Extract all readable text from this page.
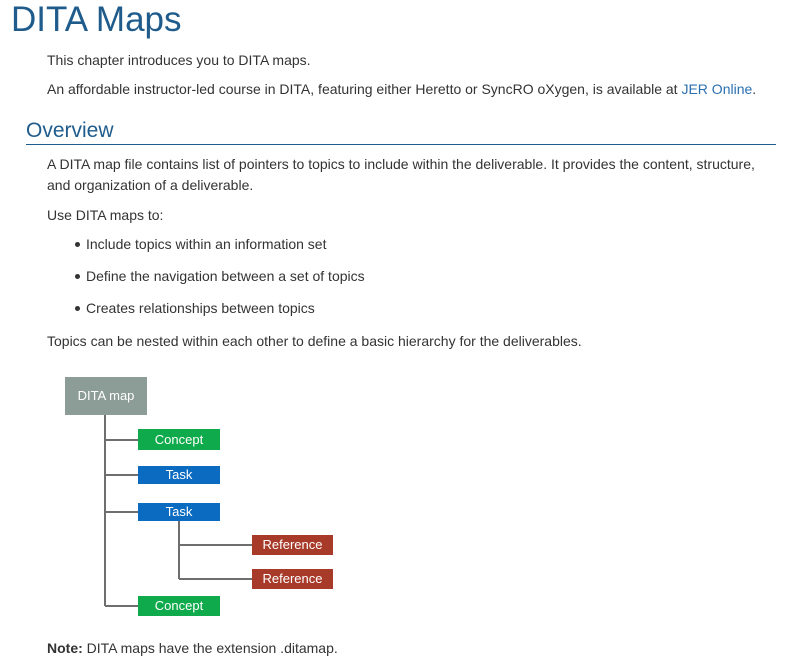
DITA Maps

This chapter introduces you to DITA maps.

An affordable instructor-led course in DITA, featuring either Heretto or SyncRO oXygen, is available at JER Online.

Overview

A DITA map file contains list of pointers to topics to include within the deliverable. It provides the content, structure, and organization of a deliverable.

Use DITA maps to:

Include topics within an information set
Define the navigation between a set of topics
Creates relationships between topics

Topics can be nested within each other to define a basic hierarchy for the deliverables.

DITA map
Concept
Task
Task
Reference
Reference
Concept

Note: DITA maps have the extension .ditamap.
